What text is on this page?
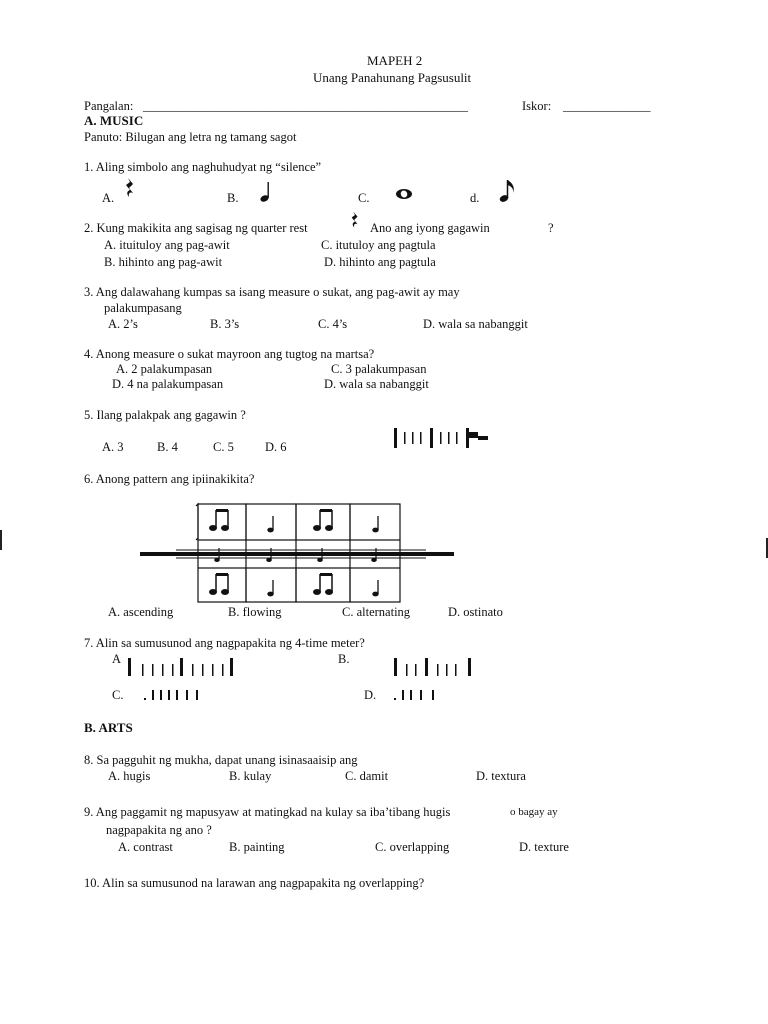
MAPEH 2
Unang Panahunang Pagsusulit
Pangalan: ____________________________________________________	Iskor: ______________
A. MUSIC
Panuto: Bilugan ang letra ng tamang sagot
1. Aling simbolo ang naghuhudyat ng “silence”
A.	B.	C.	d.
2. Kung makikita ang sagisag ng quarter rest	Ano ang iyong gagawin	?
A. ituituloy ang pag-awit	C. itutuloy ang pagtula
B. hihinto ang pag-awit	D. hihinto ang pagtula
3. Ang dalawahang kumpas sa isang measure o sukat, ang pag-awit ay may
palakumpasang
A. 2’s	B. 3’s	C. 4’s	D. wala sa nabanggit
4. Anong measure o sukat mayroon ang tugtog na martsa?
A. 2 palakumpasan	C. 3 palakumpasan
D. 4 na palakumpasan	D. wala sa nabanggit
5. Ilang palakpak ang gagawin ?
A. 3	B. 4	C. 5 D. 6
6. Anong pattern ang ipiinakikita?
A. ascending	B. flowing	C. alternating	D. ostinato
7. Alin sa sumusunod ang nagpapakita ng 4-time meter?
A	B.
C.	D.
B. ARTS
8. Sa pagguhit ng mukha, dapat unang isinasaaisip ang
A. hugis	B. kulay	C. damit	D. textura
9. Ang paggamit ng mapusyaw at matingkad na kulay sa iba’tibang hugis	o bagay ay
nagpapakita ng ano ?
A. contrast	B. painting	C. overlapping	D. texture
10. Alin sa sumusunod na larawan ang nagpapakita ng overlapping?
